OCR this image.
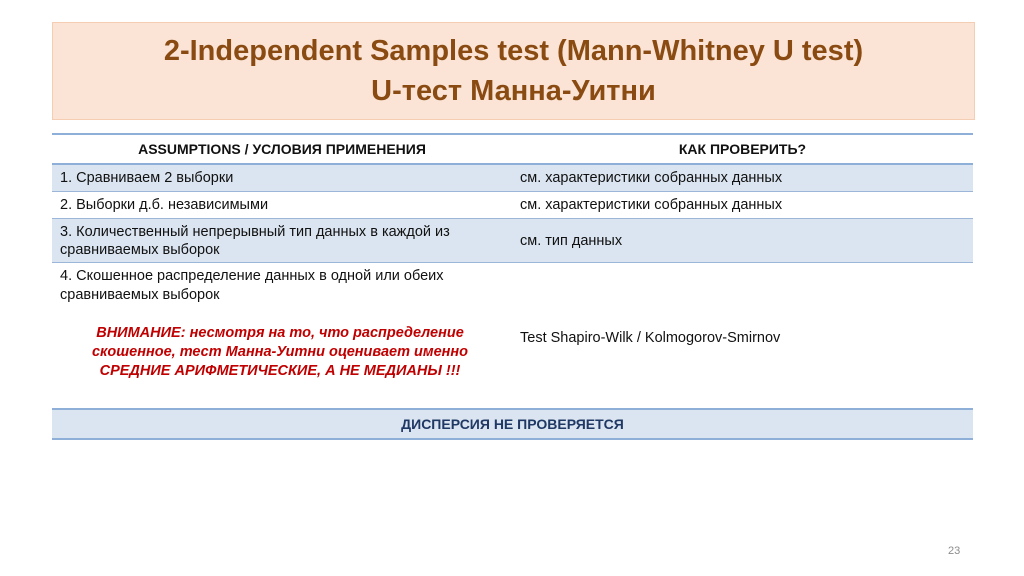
2-Independent Samples test (Mann-Whitney U test)
U-тест Манна-Уитни
ASSUMPTIONS / УСЛОВИЯ ПРИМЕНЕНИЯ	КАК ПРОВЕРИТЬ?
1. Сравниваем 2 выборки	см. характеристики собранных данных
2. Выборки д.б. независимыми	см. характеристики собранных данных
3. Количественный непрерывный тип данных в каждой из сравниваемых выборок	см. тип данных
4. Скошенное распределение данных в одной или обеих сравниваемых выборок
ВНИМАНИЕ: несмотря на то, что распределение скошенное, тест Манна-Уитни оценивает именно СРЕДНИЕ АРИФМЕТИЧЕСКИЕ, А НЕ МЕДИАНЫ !!!	Test Shapiro-Wilk / Kolmogorov-Smirnov
ДИСПЕРСИЯ НЕ ПРОВЕРЯЕТСЯ	
23
